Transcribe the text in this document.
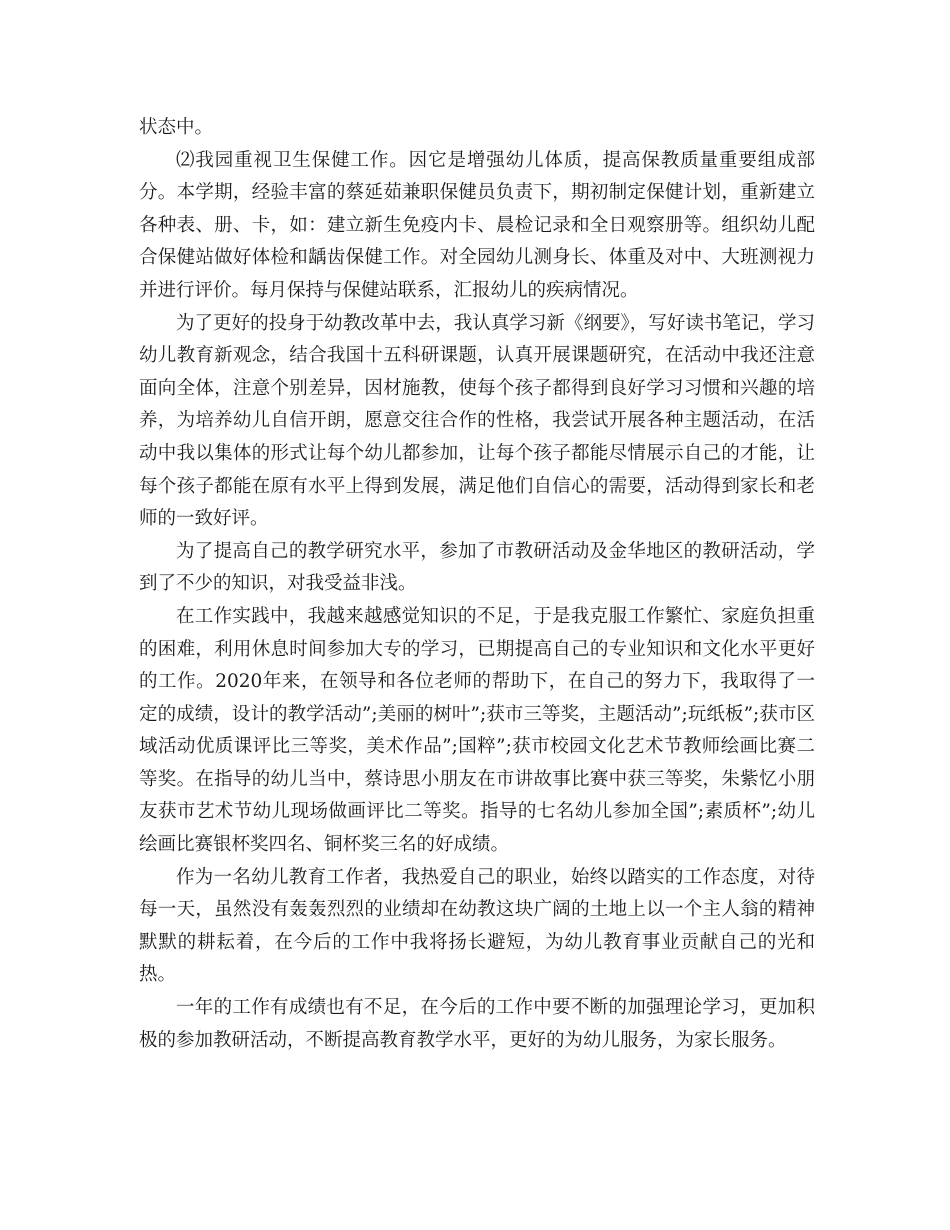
状态中。

⑵我园重视卫生保健工作。因它是增强幼儿体质，提高保教质量重要组成部分。本学期，经验丰富的蔡延茹兼职保健员负责下，期初制定保健计划，重新建立各种表、册、卡，如：建立新生免疫内卡、晨检记录和全日观察册等。组织幼儿配合保健站做好体检和龋齿保健工作。对全园幼儿测身长、体重及对中、大班测视力并进行评价。每月保持与保健站联系，汇报幼儿的疾病情况。

为了更好的投身于幼教改革中去，我认真学习新《纲要》，写好读书笔记，学习幼儿教育新观念，结合我国十五科研课题，认真开展课题研究，在活动中我还注意面向全体，注意个别差异，因材施教，使每个孩子都得到良好学习习惯和兴趣的培养，为培养幼儿自信开朗，愿意交往合作的性格，我尝试开展各种主题活动，在活动中我以集体的形式让每个幼儿都参加，让每个孩子都能尽情展示自己的才能，让每个孩子都能在原有水平上得到发展，满足他们自信心的需要，活动得到家长和老师的一致好评。

为了提高自己的教学研究水平，参加了市教研活动及金华地区的教研活动，学到了不少的知识，对我受益非浅。

在工作实践中，我越来越感觉知识的不足，于是我克服工作繁忙、家庭负担重的困难，利用休息时间参加大专的学习，已期提高自己的专业知识和文化水平更好的工作。2020年来，在领导和各位老师的帮助下，在自己的努力下，我取得了一定的成绩，设计的教学活动”;美丽的树叶”;获市三等奖，主题活动”;玩纸板”;获市区域活动优质课评比三等奖，美术作品”;国粹”;获市校园文化艺术节教师绘画比赛二等奖。在指导的幼儿当中，蔡诗思小朋友在市讲故事比赛中获三等奖，朱紫忆小朋友获市艺术节幼儿现场做画评比二等奖。指导的七名幼儿参加全国”;素质杯”;幼儿绘画比赛银杯奖四名、铜杯奖三名的好成绩。

作为一名幼儿教育工作者，我热爱自己的职业，始终以踏实的工作态度，对待每一天，虽然没有轰轰烈烈的业绩却在幼教这块广阔的土地上以一个主人翁的精神默默的耕耘着，在今后的工作中我将扬长避短，为幼儿教育事业贡献自己的光和热。

一年的工作有成绩也有不足，在今后的工作中要不断的加强理论学习，更加积极的参加教研活动，不断提高教育教学水平，更好的为幼儿服务，为家长服务。
